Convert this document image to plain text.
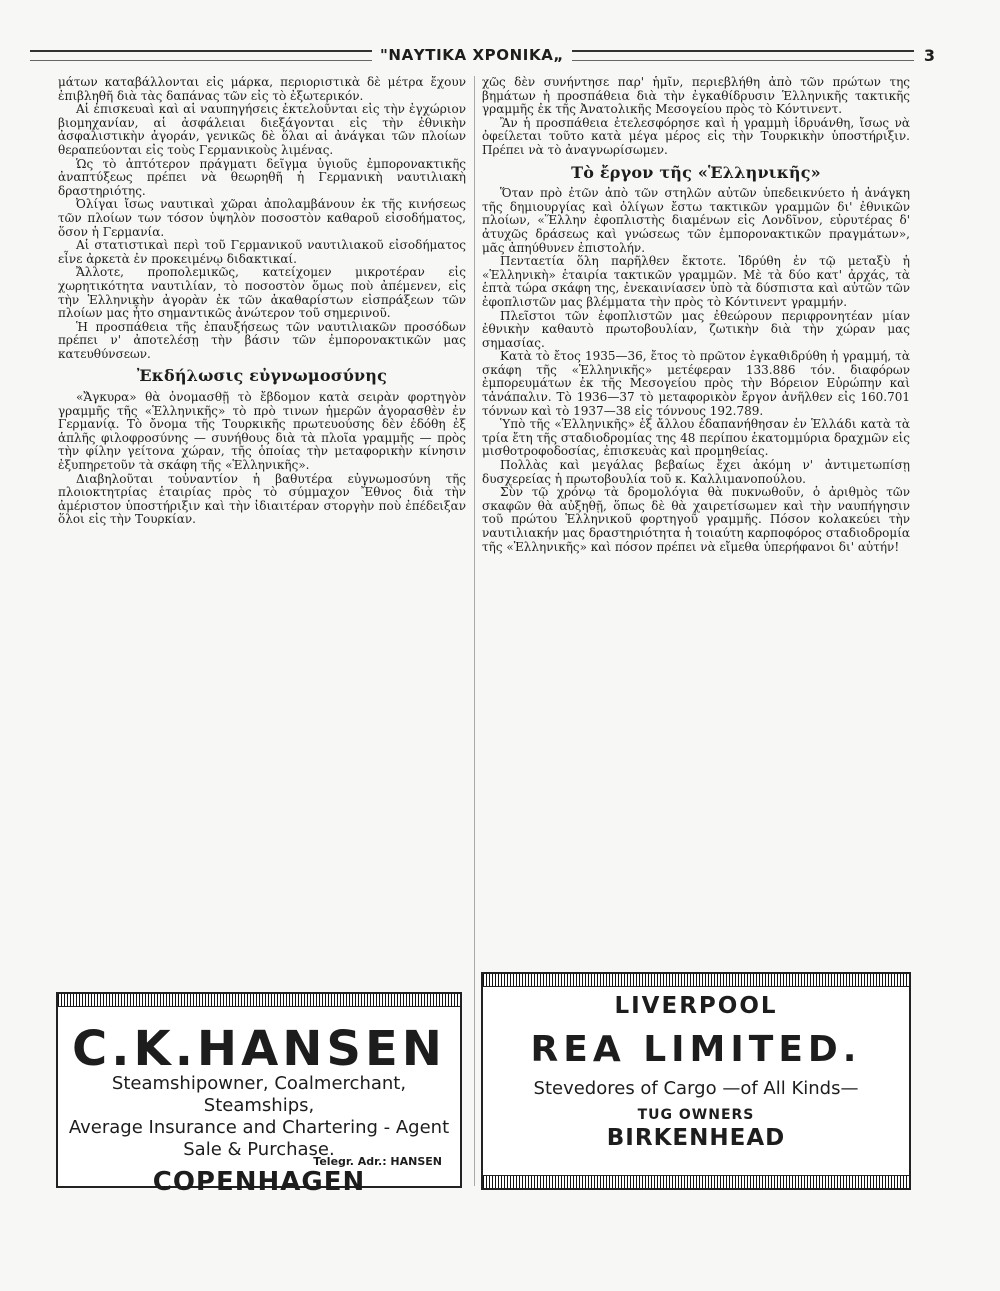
"ΝΑΥΤΙΚΑ ΧΡΟΝΙΚΑ„	3

μάτων καταβάλλονται εἰς μάρκα, περιοριστικὰ δὲ μέτρα ἔχουν ἐπιβληθῆ διὰ τὰς δαπάνας τῶν εἰς τὸ ἐξωτερικόν.

Αἱ ἐπισκευαὶ καὶ αἱ ναυπηγήσεις ἐκτελοῦνται εἰς τὴν ἐγχώριον βιομηχανίαν, αἱ ἀσφάλειαι διεξάγονται εἰς τὴν ἐθνικὴν ἀσφαλιστικὴν ἀγοράν, γενικῶς δὲ ὅλαι αἱ ἀνάγκαι τῶν πλοίων θεραπεύονται εἰς τοὺς Γερμανικοὺς λιμένας.

Ὡς τὸ ἀπτότερον πράγματι δεῖγμα ὑγιοῦς ἐμπορονακτικῆς ἀναπτύξεως πρέπει νὰ θεωρηθῆ ἡ Γερμανικὴ ναυτιλιακὴ δραστηριότης.

Ὀλίγαι ἴσως ναυτικαὶ χῶραι ἀπολαμβάνουν ἐκ τῆς κινήσεως τῶν πλοίων των τόσον ὑψηλὸν ποσοστὸν καθαροῦ εἰσοδήματος, ὅσον ἡ Γερμανία.

Αἱ στατιστικαὶ περὶ τοῦ Γερμανικοῦ ναυτιλιακοῦ εἰσοδήματος εἶνε ἀρκετὰ ἐν προκειμένῳ διδακτικαί.

Ἄλλοτε, προπολεμικῶς, κατείχομεν μικροτέραν εἰς χωρητικότητα ναυτιλίαν, τὸ ποσοστὸν ὅμως ποὺ ἀπέμενεν, εἰς τὴν Ἑλληνικὴν ἀγορὰν ἐκ τῶν ἀκαθαρίστων εἰσπράξεων τῶν πλοίων μας ἦτο σημαντικῶς ἀνώτερον τοῦ σημερινοῦ.

Ἡ προσπάθεια τῆς ἐπαυξήσεως τῶν ναυτιλιακῶν προσόδων πρέπει ν' ἀποτελέσῃ τὴν βάσιν τῶν ἐμπορονακτικῶν μας κατευθύνσεων.

Ἐκδήλωσις εὐγνωμοσύνης

«Ἄγκυρα» θὰ ὀνομασθῇ τὸ ἔβδομον κατὰ σειρὰν φορτηγὸν γραμμῆς τῆς «Ἑλληνικῆς» τὸ πρὸ τινων ἡμερῶν ἀγορασθὲν ἐν Γερμανίᾳ. Τὸ ὄνομα τῆς Τουρκικῆς πρωτευούσης δὲν ἐδόθη ἐξ ἁπλῆς φιλοφροσύνης — συνήθους διὰ τὰ πλοῖα γραμμῆς — πρὸς τὴν φίλην γείτονα χώραν, τῆς ὁποίας τὴν μεταφορικὴν κίνησιν ἐξυπηρετοῦν τὰ σκάφη τῆς «Ἑλληνικῆς».

Διαβηλοῦται τοὐναντίον ἡ βαθυτέρα εὐγνωμοσύνη τῆς πλοιοκτητρίας ἑταιρίας πρὸς τὸ σύμμαχον Ἔθνος διὰ τὴν ἀμέριστον ὑποστήριξιν καὶ τὴν ἰδιαιτέραν στοργὴν ποὺ ἐπέδειξαν ὅλοι εἰς τὴν Τουρκίαν.

χῶς δὲν συνήντησε παρ' ἡμῖν, περιεβλήθη ἀπὸ τῶν πρώτων της βημάτων ἡ προσπάθεια διὰ τὴν ἐγκαθίδρυσιν Ἑλληνικῆς τακτικῆς γραμμῆς ἐκ τῆς Ἀνατολικῆς Μεσογείου πρὸς τὸ Κόντινεντ.

Ἂν ἡ προσπάθεια ἐτελεσφόρησε καὶ ἡ γραμμὴ ἱδρυάνθη, ἴσως νὰ ὀφείλεται τοῦτο κατὰ μέγα μέρος εἰς τὴν Τουρκικὴν ὑποστήριξιν. Πρέπει νὰ τὸ ἀναγνωρίσωμεν.

Τὸ ἔργον τῆς «Ἑλληνικῆς»

Ὅταν πρὸ ἐτῶν ἀπὸ τῶν στηλῶν αὐτῶν ὑπεδεικνύετο ἡ ἀνάγκη τῆς δημιουργίας καὶ ὀλίγων ἔστω τακτικῶν γραμμῶν δι' ἐθνικῶν πλοίων, «Ἕλλην ἐφοπλιστὴς διαμένων εἰς Λονδῖνον, εὐρυτέρας δ' ἀτυχῶς δράσεως καὶ γνώσεως τῶν ἐμπορονακτικῶν πραγμάτων», μᾶς ἀπηύθυνεν ἐπιστολήν.

Πενταετία ὅλη παρῆλθεν ἔκτοτε. Ἱδρύθη ἐν τῷ μεταξὺ ἡ «Ἑλληνικὴ» ἑταιρία τακτικῶν γραμμῶν. Μὲ τὰ δύο κατ' ἀρχάς, τὰ ἑπτὰ τώρα σκάφη της, ἐνεκαινίασεν ὑπὸ τὰ δύσπιστα καὶ αὐτῶν τῶν ἐφοπλιστῶν μας βλέμματα τὴν πρὸς τὸ Κόντινεντ γραμμήν.

Πλεῖστοι τῶν ἐφοπλιστῶν μας ἐθεώρουν περιφρονητέαν μίαν ἐθνικὴν καθαυτὸ πρωτοβουλίαν, ζωτικὴν διὰ τὴν χώραν μας σημασίας.

Κατὰ τὸ ἔτος 1935—36, ἔτος τὸ πρῶτον ἐγκαθιδρύθη ἡ γραμμή, τὰ σκάφη τῆς «Ἑλληνικῆς» μετέφεραν 133.886 τόν. διαφόρων ἐμπορευμάτων ἐκ τῆς Μεσογείου πρὸς τὴν Βόρειον Εὐρώπην καὶ τἀνάπαλιν. Τὸ 1936—37 τὸ μεταφορικὸν ἔργον ἀνῆλθεν εἰς 160.701 τόννων καὶ τὸ 1937—38 εἰς τόννους 192.789.

Ὑπὸ τῆς «Ἑλληνικῆς» ἐξ ἄλλου ἐδαπανήθησαν ἐν Ἑλλάδι κατὰ τὰ τρία ἔτη τῆς σταδιοδρομίας της 48 περίπου ἑκατομμύρια δραχμῶν εἰς μισθοτροφοδοσίας, ἐπισκευὰς καὶ προμηθείας.

Πολλὰς καὶ μεγάλας βεβαίως ἔχει ἀκόμη ν' ἀντιμετωπίσῃ δυσχερείας ἡ πρωτοβουλία τοῦ κ. Καλλιμανοπούλου.

Σὺν τῷ χρόνῳ τὰ δρομολόγια θὰ πυκνωθοῦν, ὁ ἀριθμὸς τῶν σκαφῶν θὰ αὐξηθῇ, ὅπως δὲ θὰ χαιρετίσωμεν καὶ τὴν ναυπήγησιν τοῦ πρώτου Ἑλληνικοῦ φορτηγοῦ γραμμῆς. Πόσον κολακεύει τὴν ναυτιλιακήν μας δραστηριότητα ἡ τοιαύτη καρποφόρος σταδιοδρομία τῆς «Ἑλληνικῆς» καὶ πόσον πρέπει νὰ εἴμεθα ὑπερήφανοι δι' αὐτήν!

C.K.HANSEN
Steamshipowner, Coalmerchant, Steamships,
Average Insurance and Chartering - Agent
Sale & Purchase.
COPENHAGEN
Telegr. Adr.: HANSEN
LIVERPOOL
REA LIMITED.
Stevedores of Cargo —of All Kinds—
TUG OWNERS
BIRKENHEAD
